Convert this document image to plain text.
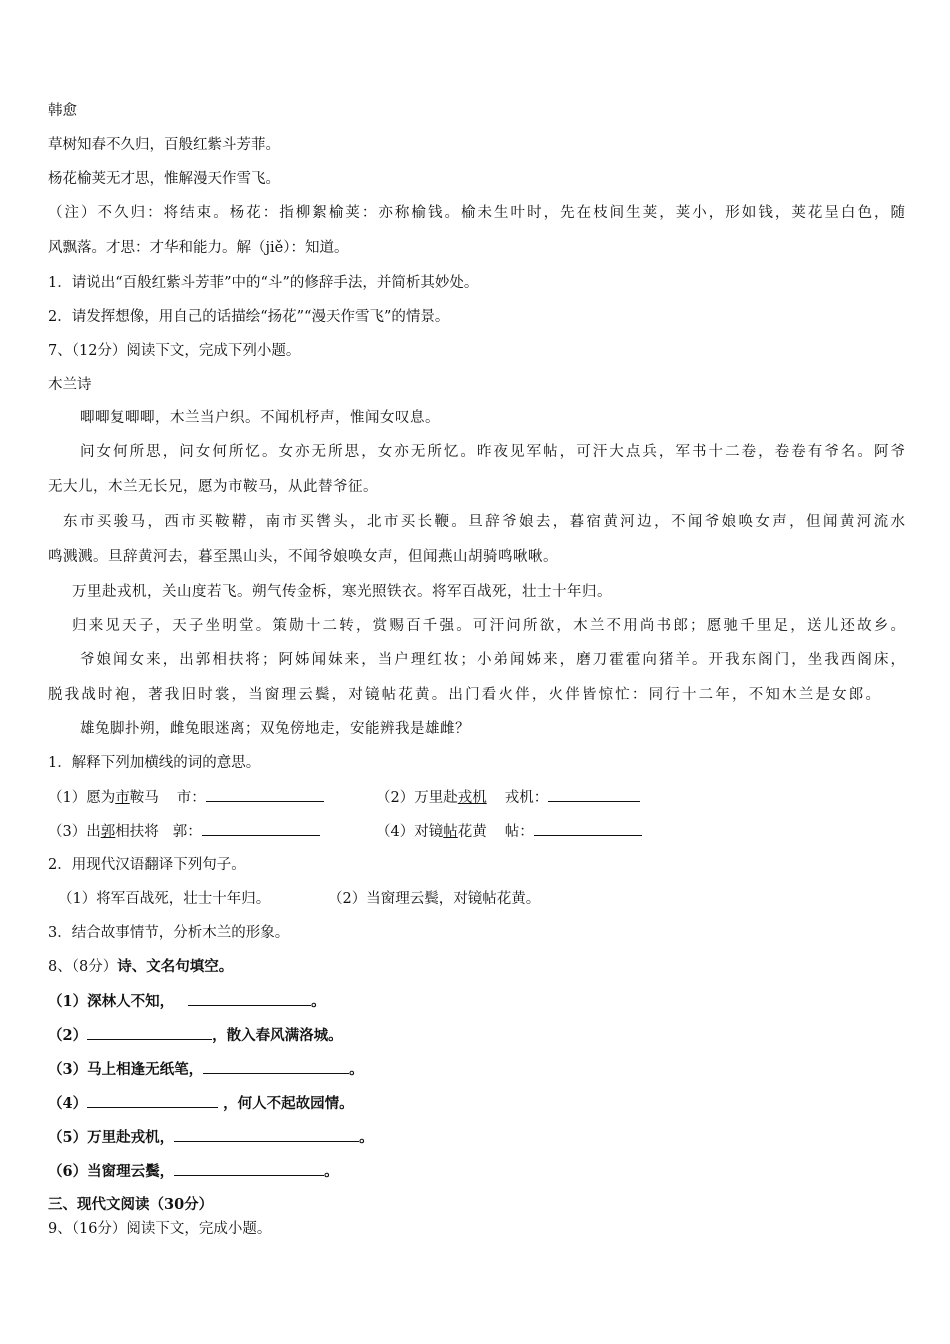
韩愈
草树知春不久归，百般红紫斗芳菲。
杨花榆荚无才思，惟解漫天作雪飞。
（注）不久归：将结束。杨花：指柳絮榆荚：亦称榆钱。榆未生叶时，先在枝间生荚，荚小，形如钱，荚花呈白色，随
风飘落。才思：才华和能力。解（jiě）：知道。
1．请说出“百般红紫斗芳菲”中的“斗”的修辞手法，并简析其妙处。
2．请发挥想像，用自己的话描绘“扬花”“漫天作雪飞”的情景。
7、（12分）阅读下文，完成下列小题。
木兰诗
唧唧复唧唧，木兰当户织。不闻机杼声，惟闻女叹息。
问女何所思，问女何所忆。女亦无所思，女亦无所忆。昨夜见军帖，可汗大点兵，军书十二卷，卷卷有爷名。阿爷
无大儿，木兰无长兄，愿为市鞍马，从此替爷征。
东市买骏马，西市买鞍鞯，南市买辔头，北市买长鞭。旦辞爷娘去，暮宿黄河边，不闻爷娘唤女声，但闻黄河流水
鸣溅溅。旦辞黄河去，暮至黑山头，不闻爷娘唤女声，但闻燕山胡骑鸣啾啾。
万里赴戎机，关山度若飞。朔气传金柝，寒光照铁衣。将军百战死，壮士十年归。
归来见天子，天子坐明堂。策勋十二转，赏赐百千强。可汗问所欲，木兰不用尚书郎；愿驰千里足，送儿还故乡。
爷娘闻女来，出郭相扶将；阿姊闻妹来，当户理红妆；小弟闻姊来，磨刀霍霍向猪羊。开我东阁门，坐我西阁床，
脱我战时袍，著我旧时裳，当窗理云鬓，对镜帖花黄。出门看火伴，火伴皆惊忙：同行十二年，不知木兰是女郎。
雄兔脚扑朔，雌兔眼迷离；双兔傍地走，安能辨我是雄雌？
1．解释下列加横线的词的意思。
（1）愿为市鞍马 市：	（2）万里赴戎机 戎机：
（3）出郭相扶将 郭：	（4）对镜帖花黄 帖：
2．用现代汉语翻译下列句子。
（1）将军百战死，壮士十年归。	（2）当窗理云鬓，对镜帖花黄。
3．结合故事情节，分析木兰的形象。
8、（8分）诗、文名句填空。
（1）深林人不知，	。
（2）	，散入春风满洛城。
（3）马上相逢无纸笔，	。
（4）	，何人不起故园情。
（5）万里赴戎机，	。
（6）当窗理云鬓，	。
三、现代文阅读（30分）
9、（16分）阅读下文，完成小题。
